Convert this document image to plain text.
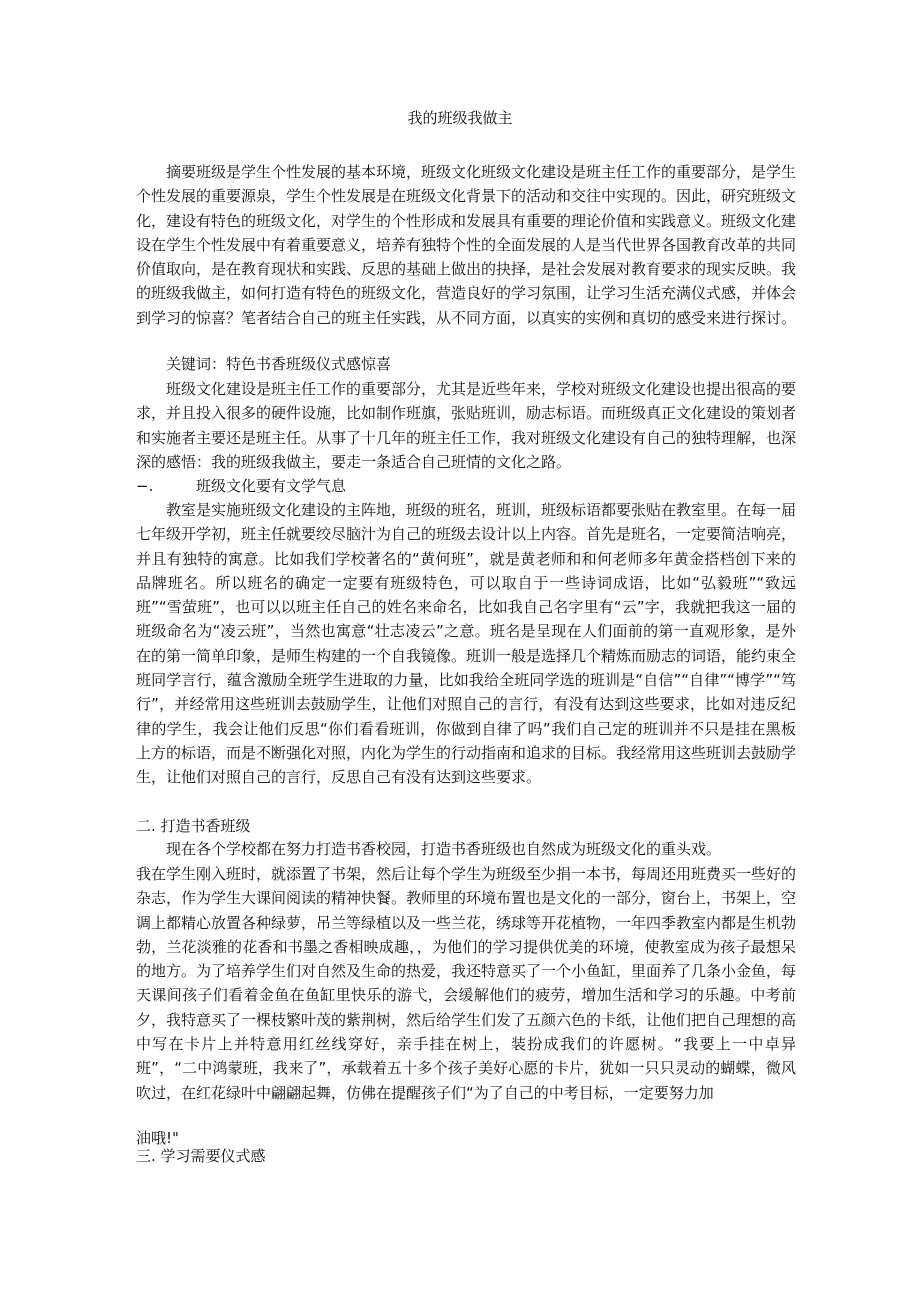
我的班级我做主

摘要班级是学生个性发展的基本环境，班级文化班级文化建设是班主任工作的重要部分，是学生个性发展的重要源泉，学生个性发展是在班级文化背景下的活动和交往中实现的。因此，研究班级文化，建设有特色的班级文化，对学生的个性形成和发展具有重要的理论价值和实践意义。班级文化建设在学生个性发展中有着重要意义，培养有独特个性的全面发展的人是当代世界各国教育改革的共同价值取向，是在教育现状和实践、反思的基础上做出的抉择，是社会发展对教育要求的现实反映。我的班级我做主，如何打造有特色的班级文化，营造良好的学习氛围，让学习生活充满仪式感，并体会到学习的惊喜？笔者结合自己的班主任实践，从不同方面，以真实的实例和真切的感受来进行探讨。

关键词：特色书香班级仪式感惊喜

班级文化建设是班主任工作的重要部分，尤其是近些年来，学校对班级文化建设也提出很高的要求，并且投入很多的硬件设施，比如制作班旗，张贴班训，励志标语。而班级真正文化建设的策划者和实施者主要还是班主任。从事了十几年的班主任工作，我对班级文化建设有自己的独特理解，也深深的感悟：我的班级我做主，要走一条适合自己班情的文化之路。

−.	班级文化要有文学气息

教室是实施班级文化建设的主阵地，班级的班名，班训，班级标语都要张贴在教室里。在每一届七年级开学初，班主任就要绞尽脑汁为自己的班级去设计以上内容。首先是班名，一定要简洁响亮，并且有独特的寓意。比如我们学校著名的“黄何班”，就是黄老师和和何老师多年黄金搭档创下来的品牌班名。所以班名的确定一定要有班级特色，可以取自于一些诗词成语，比如“弘毅班”“致远班”“雪萤班”，也可以以班主任自己的姓名来命名，比如我自己名字里有“云”字，我就把我这一届的班级命名为“凌云班”，当然也寓意“壮志凌云”之意。班名是呈现在人们面前的第一直观形象，是外在的第一简单印象，是师生构建的一个自我镜像。班训一般是选择几个精炼而励志的词语，能约束全班同学言行，蕴含激励全班学生进取的力量，比如我给全班同学选的班训是“自信”“自律”“博学”“笃行”，并经常用这些班训去鼓励学生，让他们对照自己的言行，有没有达到这些要求，比如对违反纪律的学生，我会让他们反思“你们看看班训，你做到自律了吗”我们自己定的班训并不只是挂在黑板上方的标语，而是不断强化对照，内化为学生的行动指南和追求的目标。我经常用这些班训去鼓励学生，让他们对照自己的言行，反思自己有没有达到这些要求。

二. 打造书香班级

现在各个学校都在努力打造书香校园，打造书香班级也自然成为班级文化的重头戏。

我在学生刚入班时，就添置了书架，然后让每个学生为班级至少捐一本书，每周还用班费买一些好的杂志，作为学生大课间阅读的精神快餐。教师里的环境布置也是文化的一部分，窗台上，书架上，空调上都精心放置各种绿萝，吊兰等绿植以及一些兰花，绣球等开花植物，一年四季教室内都是生机勃勃，兰花淡雅的花香和书墨之香相映成趣，，为他们的学习提供优美的环境，使教室成为孩子最想呆的地方。为了培养学生们对自然及生命的热爱，我还特意买了一个小鱼缸，里面养了几条小金鱼，每天课间孩子们看着金鱼在鱼缸里快乐的游弋，会缓解他们的疲劳，增加生活和学习的乐趣。中考前夕，我特意买了一棵枝繁叶茂的紫荆树，然后给学生们发了五颜六色的卡纸，让他们把自己理想的高中写在卡片上并特意用红丝线穿好，亲手挂在树上，装扮成我们的许愿树。“我要上一中卓异班”，“二中鸿蒙班，我来了”，承载着五十多个孩子美好心愿的卡片，犹如一只只灵动的蝴蝶，微风吹过，在红花绿叶中翩翩起舞，仿佛在提醒孩子们“为了自己的中考目标，一定要努力加

油哦!"
三. 学习需要仪式感
